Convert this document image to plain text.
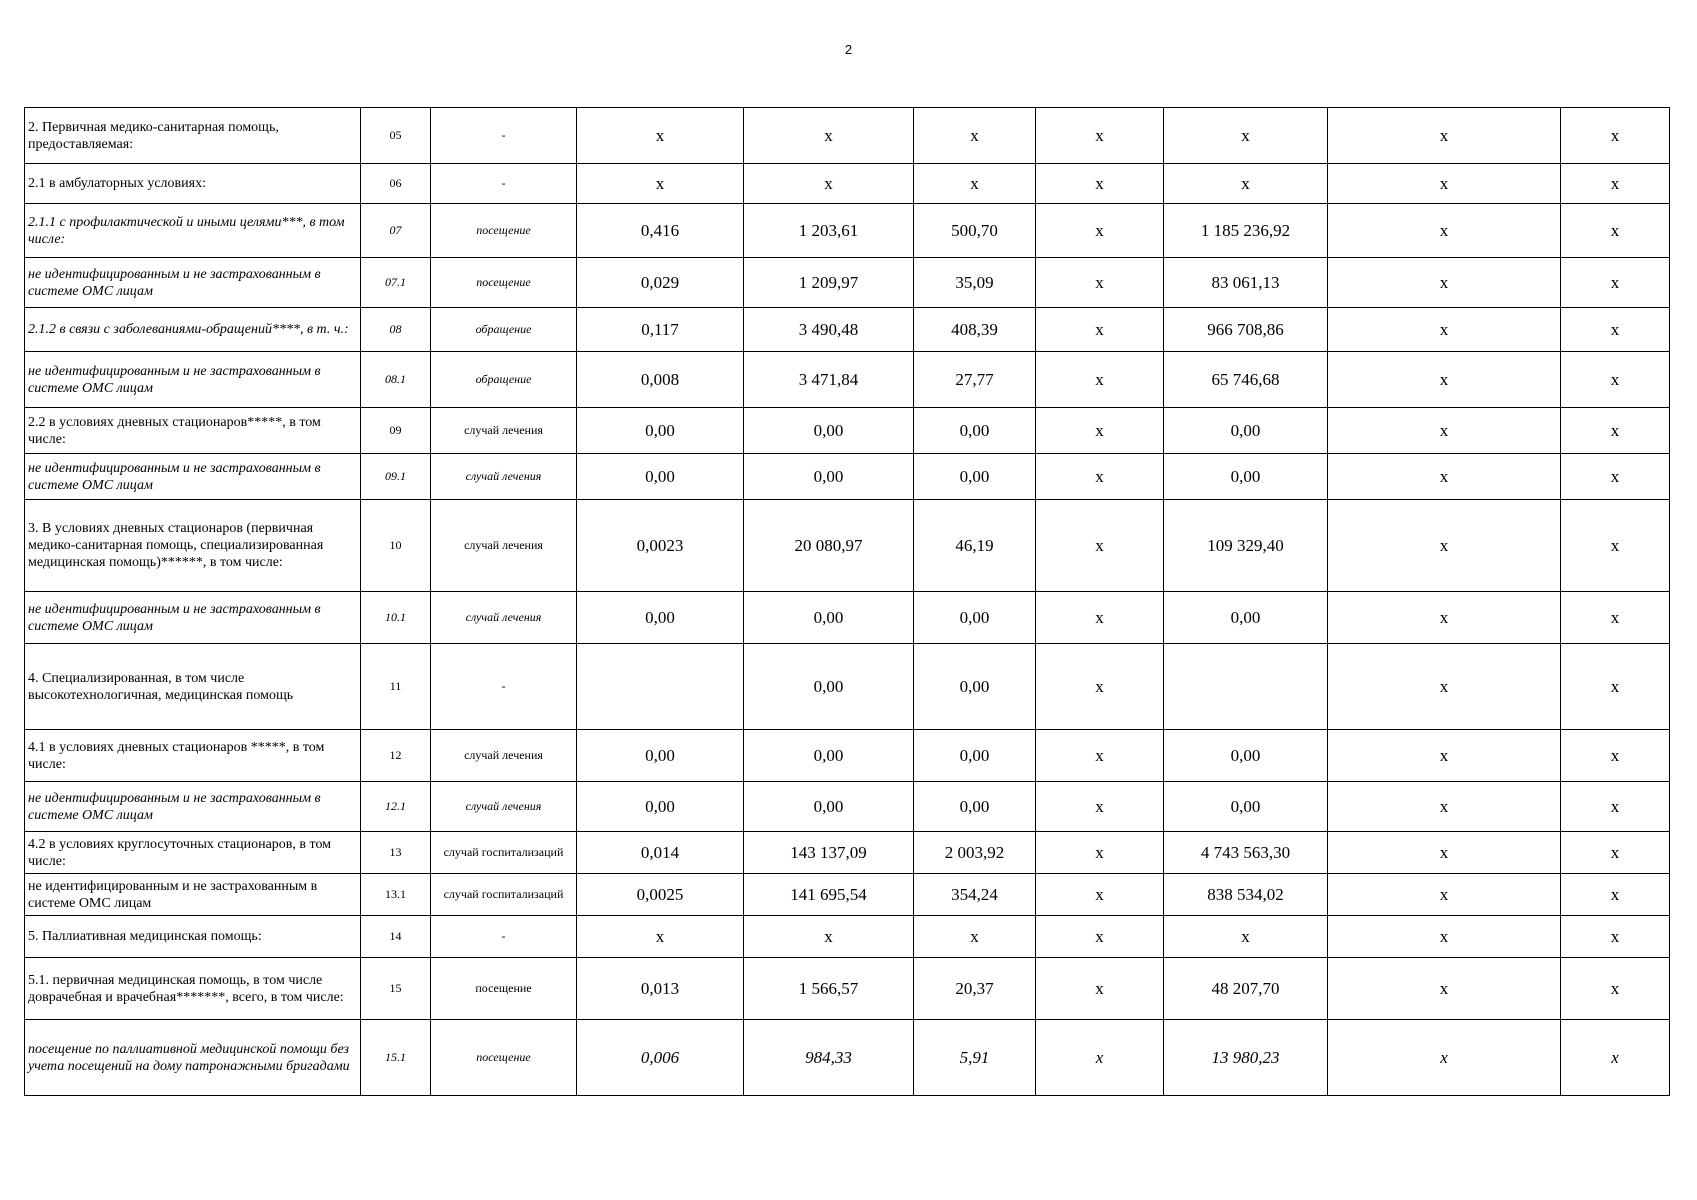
2
2. Первичная медико-санитарная помощь, предоставляемая:	05	-	x	x	x	x	x	x	x
2.1 в амбулаторных условиях:	06	-	x	x	x	x	x	x	x
2.1.1 с профилактической и иными целями***, в том числе:	07	посещение	0,416	1 203,61	500,70	x	1 185 236,92	x	x
не идентифицированным и не застрахованным в системе ОМС лицам	07.1	посещение	0,029	1 209,97	35,09	x	83 061,13	x	x
2.1.2 в связи с заболеваниями-обращений****, в т. ч.:	08	обращение	0,117	3 490,48	408,39	x	966 708,86	x	x
не идентифицированным и не застрахованным в системе ОМС лицам	08.1	обращение	0,008	3 471,84	27,77	x	65 746,68	x	x
2.2 в условиях дневных стационаров*****, в том числе:	09	случай лечения	0,00	0,00	0,00	x	0,00	x	x
не идентифицированным и не застрахованным в системе ОМС лицам	09.1	случай лечения	0,00	0,00	0,00	x	0,00	x	x
3. В условиях дневных стационаров (первичная медико-санитарная помощь, специализированная медицинская помощь)******, в том числе:	10	случай лечения	0,0023	20 080,97	46,19	x	109 329,40	x	x
не идентифицированным и не застрахованным в системе ОМС лицам	10.1	случай лечения	0,00	0,00	0,00	x	0,00	x	x
4. Специализированная, в том числе высокотехнологичная, медицинская помощь	11	-		0,00	0,00	x		x	x
4.1 в условиях дневных стационаров *****, в том числе:	12	случай лечения	0,00	0,00	0,00	x	0,00	x	x
не идентифицированным и не застрахованным в системе ОМС лицам	12.1	случай лечения	0,00	0,00	0,00	x	0,00	x	x
4.2 в условиях круглосуточных стационаров, в том числе:	13	случай госпитализаций	0,014	143 137,09	2 003,92	x	4 743 563,30	x	x
не идентифицированным и не застрахованным в системе ОМС лицам	13.1	случай госпитализаций	0,0025	141 695,54	354,24	x	838 534,02	x	x
5. Паллиативная медицинская помощь:	14	-	x	x	x	x	x	x	x
5.1. первичная медицинская помощь, в том числе доврачебная и врачебная*******, всего, в том числе:	15	посещение	0,013	1 566,57	20,37	x	48 207,70	x	x
посещение по паллиативной медицинской помощи без учета посещений на дому патронажными бригадами	15.1	посещение	0,006	984,33	5,91	x	13 980,23	x	x
